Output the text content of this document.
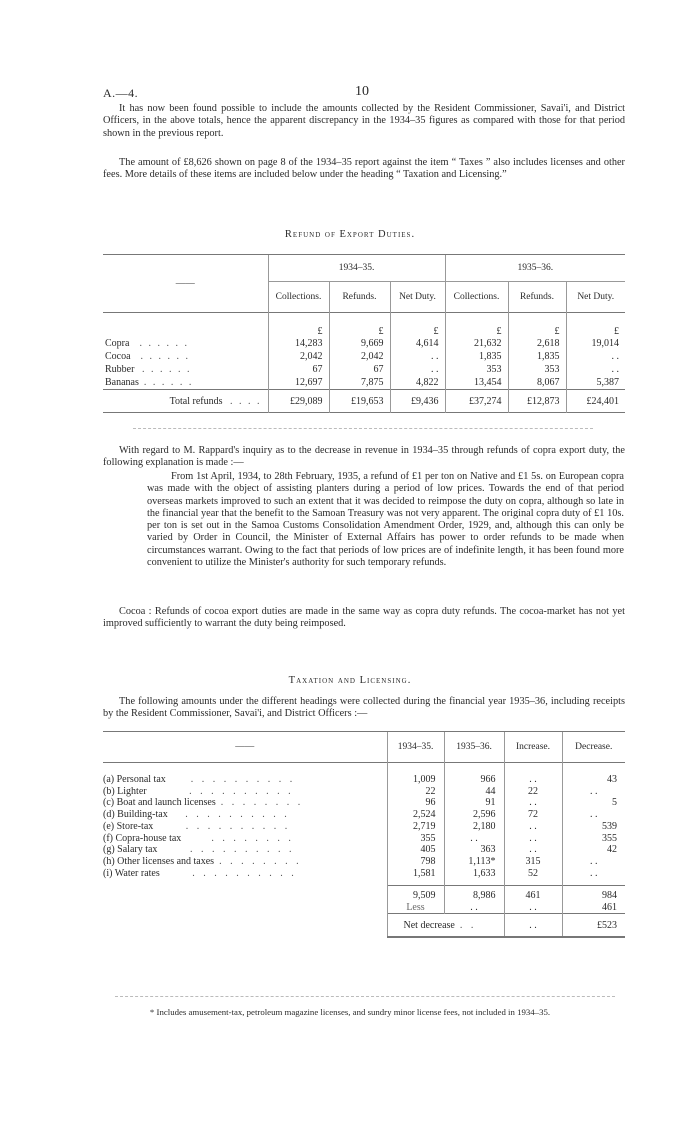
A.—4.	10

It has now been found possible to include the amounts collected by the Resident Commissioner, Savai'i, and District Officers, in the above totals, hence the apparent discrepancy in the 1934–35 figures as compared with those for that period shown in the previous report.

The amount of £8,626 shown on page 8 of the 1934–35 report against the item “ Taxes ” also includes licenses and other fees. More details of these items are included below under the heading “ Taxation and Licensing.”

Refund of Export Duties.

——	1934–35.			1935–36.		
	Collections.	Refunds.	Net Duty.	Collections.	Refunds.	Net Duty.

	£	£	£	£	£	£
Copra . . . . . .	14,283	9,669	4,614	21,632	2,618	19,014
Cocoa . . . . . .	2,042	2,042	. .	1,835	1,835	. .
Rubber . . . . . .	67	67	. .	353	353	. .
Bananas . . . . . .	12,697	7,875	4,822	13,454	8,067	5,387
Total refunds . . . .	£29,089	£19,653	£9,436	£37,274	£12,873	£24,401

With regard to M. Rappard's inquiry as to the decrease in revenue in 1934–35 through refunds of copra export duty, the following explanation is made :—

From 1st April, 1934, to 28th February, 1935, a refund of £1 per ton on Native and £1 5s. on European copra was made with the object of assisting planters during a period of low prices. Towards the end of that period overseas markets improved to such an extent that it was decided to reimpose the duty on copra, although so late in the financial year that the benefit to the Samoan Treasury was not very apparent. The original copra duty of £1 10s. per ton is set out in the Samoa Customs Consolidation Amendment Order, 1929, and, although this can only be varied by Order in Council, the Minister of External Affairs has power to order refunds to be made when circumstances warrant. Owing to the fact that periods of low prices are of indefinite length, it has been found more convenient to utilize the Minister's authority for such temporary refunds.

Cocoa : Refunds of cocoa export duties are made in the same way as copra duty refunds. The cocoa-market has not yet improved sufficiently to warrant the duty being reimposed.

Taxation and Licensing.

The following amounts under the different headings were collected during the financial year 1935–36, including receipts by the Resident Commissioner, Savai'i, and District Officers :—

——	1934–35.	1935–36.	Increase.	Decrease.

(a) Personal tax . . . . . . . . . .	1,009	966	. .	43
(b) Lighter . . . . . . . . . .	22	44	22	. .
(c) Boat and launch licenses . . . . . . . .	96	91	. .	5
(d) Building-tax . . . . . . . . . .	2,524	2,596	72	. .
(e) Store-tax . . . . . . . . . .	2,719	2,180	. .	539
(f) Copra-house tax . . . . . . . .	355	. .	. .	355
(g) Salary tax . . . . . . . . . .	405	363	. .	42
(h) Other licenses and taxes . . . . . . . .	798	1,113*	315	. .
(i) Water rates . . . . . . . . . .	1,581	1,633	52	. .

	9,509	8,986	461	984
	Less	. .	. .	461
	Net decrease . .		. .	£523

* Includes amusement-tax, petroleum magazine licenses, and sundry minor license fees, not included in 1934–35.
